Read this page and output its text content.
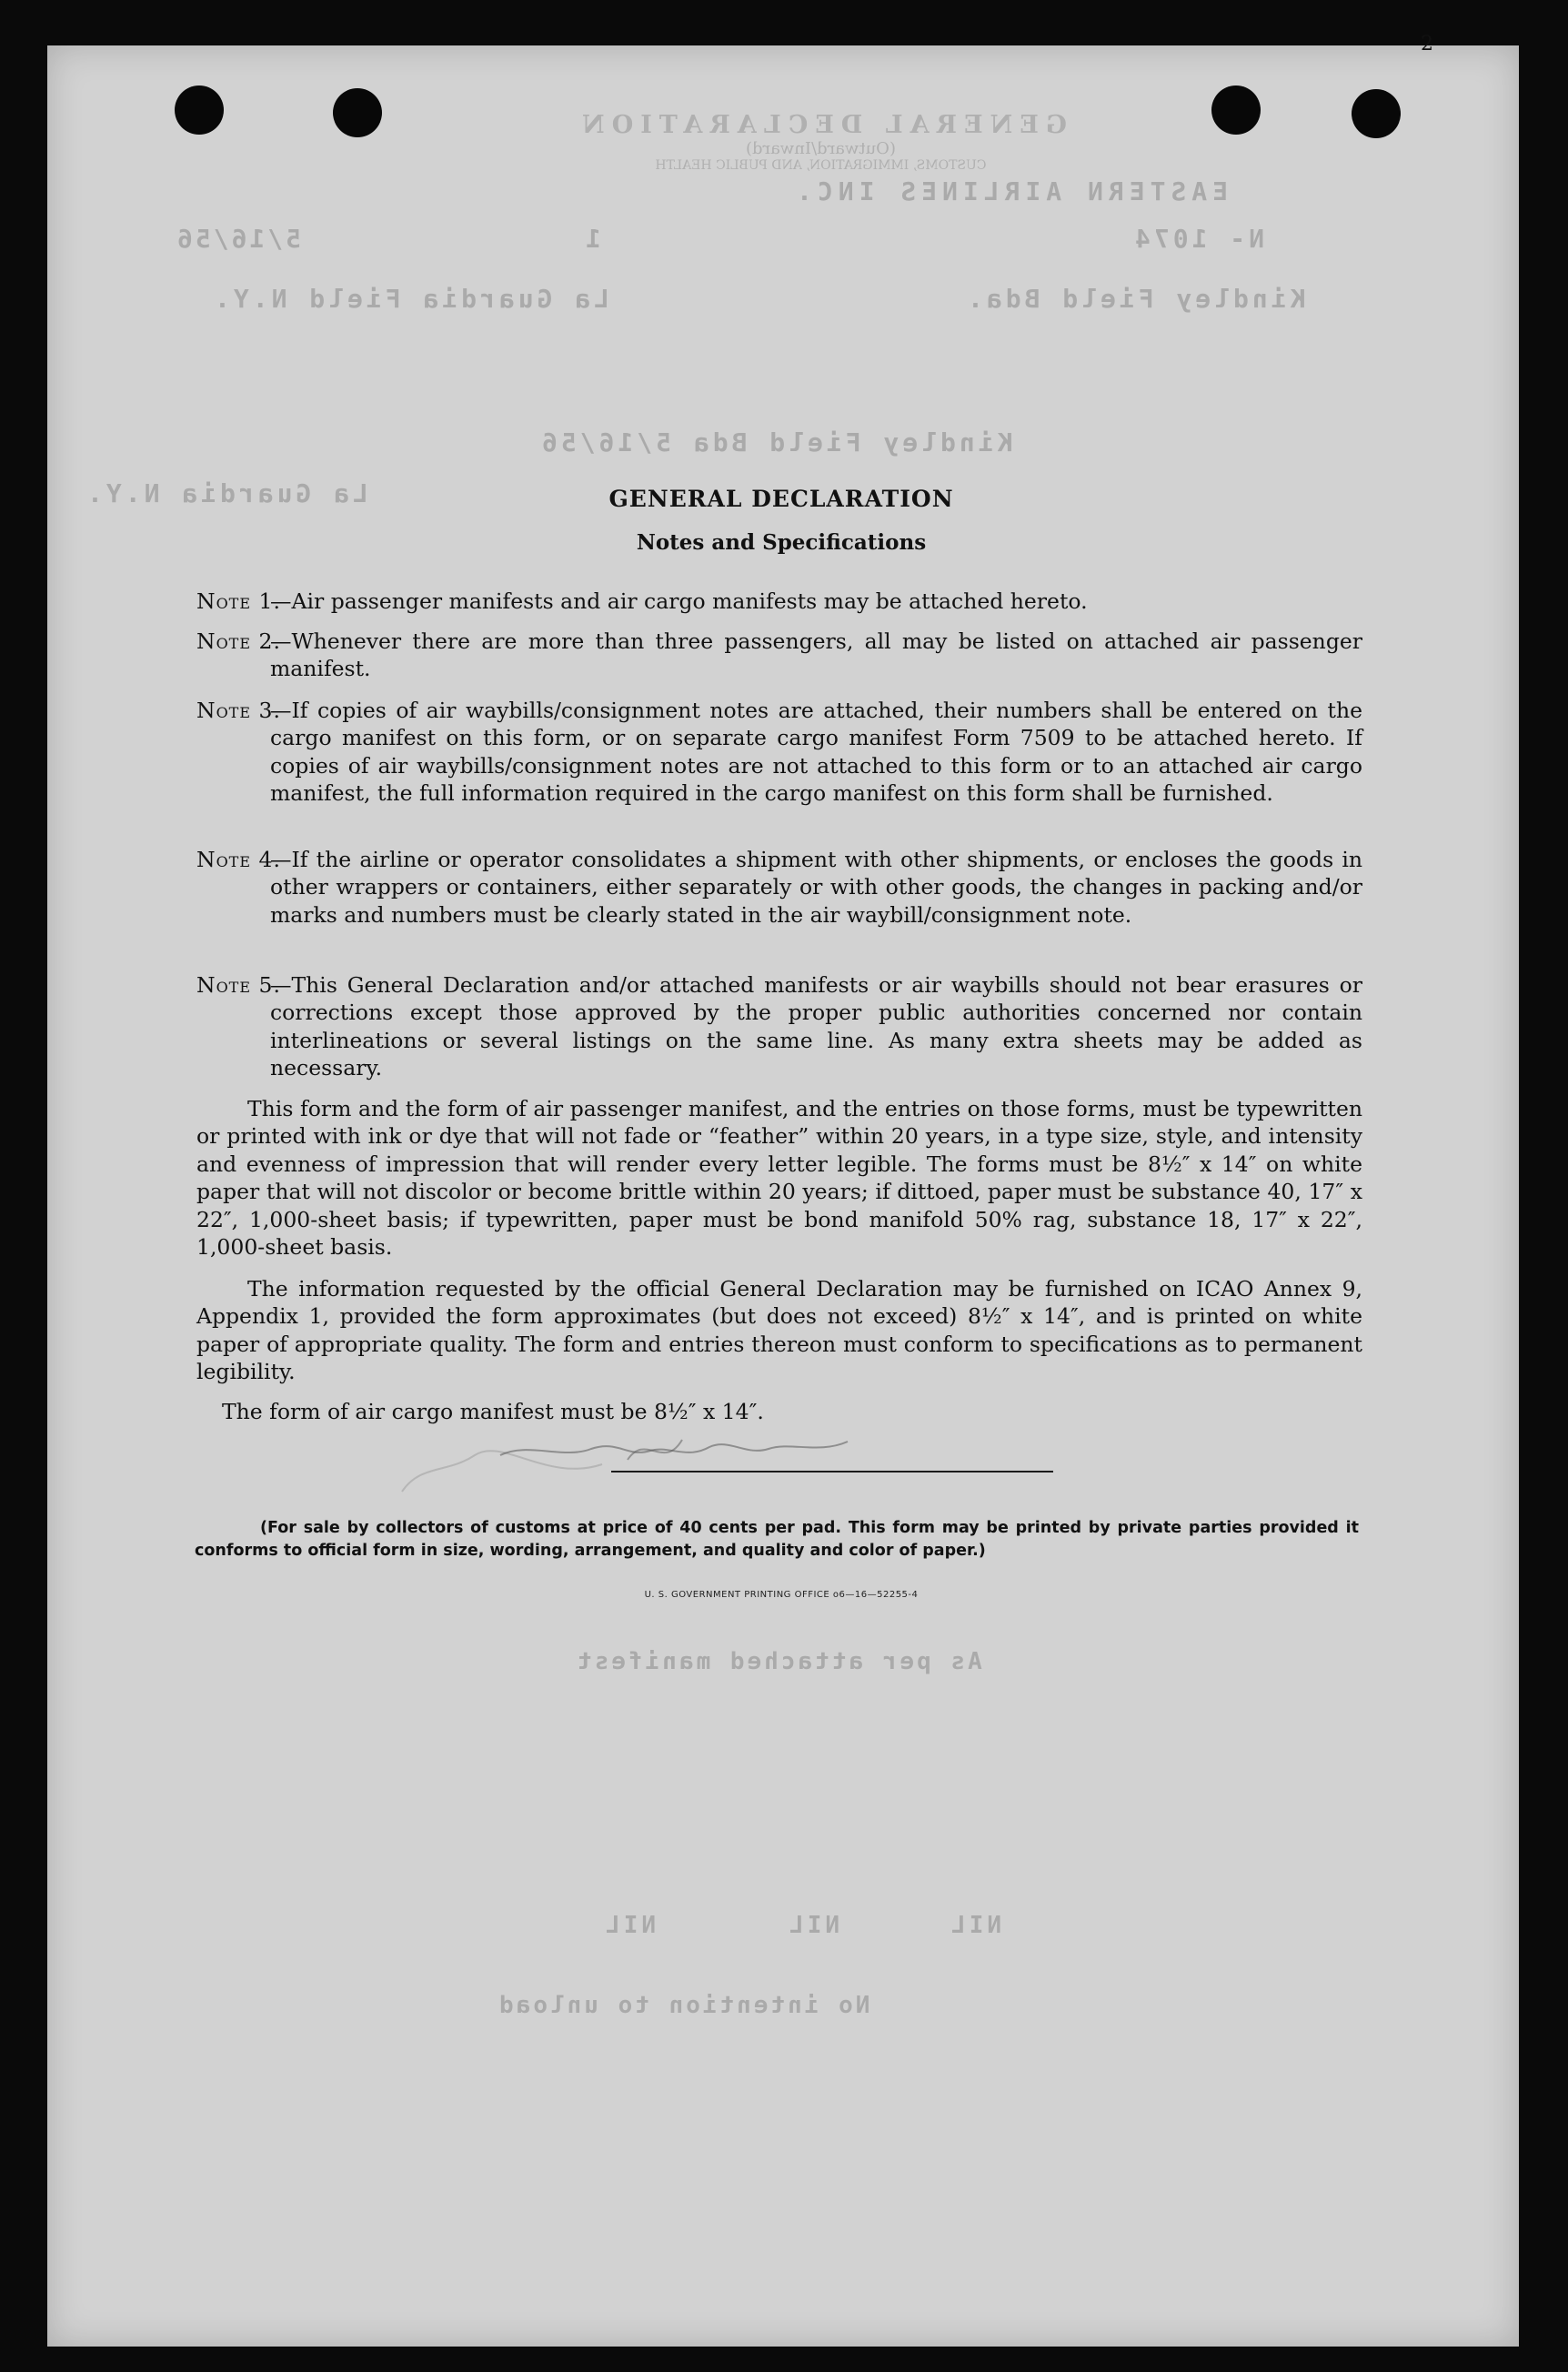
2
GENERAL DECLARATION
(Outward/Inward)
CUSTOMS, IMMIGRATION, AND PUBLIC HEALTH
EASTERN AIRLINES INC.
N- 1074
1
5/16/56
Kindley Field Bda.
La Guardia Field N.Y.
Kindley Field Bda 5/16/56
La Guardia N.Y.
As per attached manifest
NIL
NIL
NIL
No intention to unload
GENERAL DECLARATION
Notes and Specifications
Note 1.
—Air passenger manifests and air cargo manifests may be attached hereto.
Note 2.
—Whenever there are more than three passengers, all may be listed on attached air passenger manifest.
Note 3.
—If copies of air waybills/consignment notes are attached, their numbers shall be entered on the cargo manifest on this form, or on separate cargo manifest Form 7509 to be attached hereto. If copies of air waybills/consignment notes are not attached to this form or to an attached air cargo manifest, the full information required in the cargo manifest on this form shall be furnished.
Note 4.
—If the airline or operator consolidates a shipment with other shipments, or encloses the goods in other wrappers or containers, either separately or with other goods, the changes in packing and/or marks and numbers must be clearly stated in the air waybill/consignment note.
Note 5.
—This General Declaration and/or attached manifests or air waybills should not bear erasures or corrections except those approved by the proper public authorities concerned nor contain interlineations or several listings on the same line. As many extra sheets may be added as necessary.
This form and the form of air passenger manifest, and the entries on those forms, must be typewritten or printed with ink or dye that will not fade or “feather” within 20 years, in a type size, style, and intensity and evenness of impression that will render every letter legible. The forms must be 8½″ x 14″ on white paper that will not discolor or become brittle within 20 years; if dittoed, paper must be substance 40, 17″ x 22″, 1,000-sheet basis; if typewritten, paper must be bond manifold 50% rag, substance 18, 17″ x 22″, 1,000-sheet basis.
The information requested by the official General Declaration may be furnished on ICAO Annex 9, Appendix 1, provided the form approximates (but does not exceed) 8½″ x 14″, and is printed on white paper of appropriate quality. The form and entries thereon must conform to specifications as to permanent legibility.
The form of air cargo manifest must be 8½″ x 14″.
(For sale by collectors of customs at price of 40 cents per pad. This form may be printed by private parties provided it conforms to official form in size, wording, arrangement, and quality and color of paper.)
U. S. GOVERNMENT PRINTING OFFICE o6—16—52255-4
